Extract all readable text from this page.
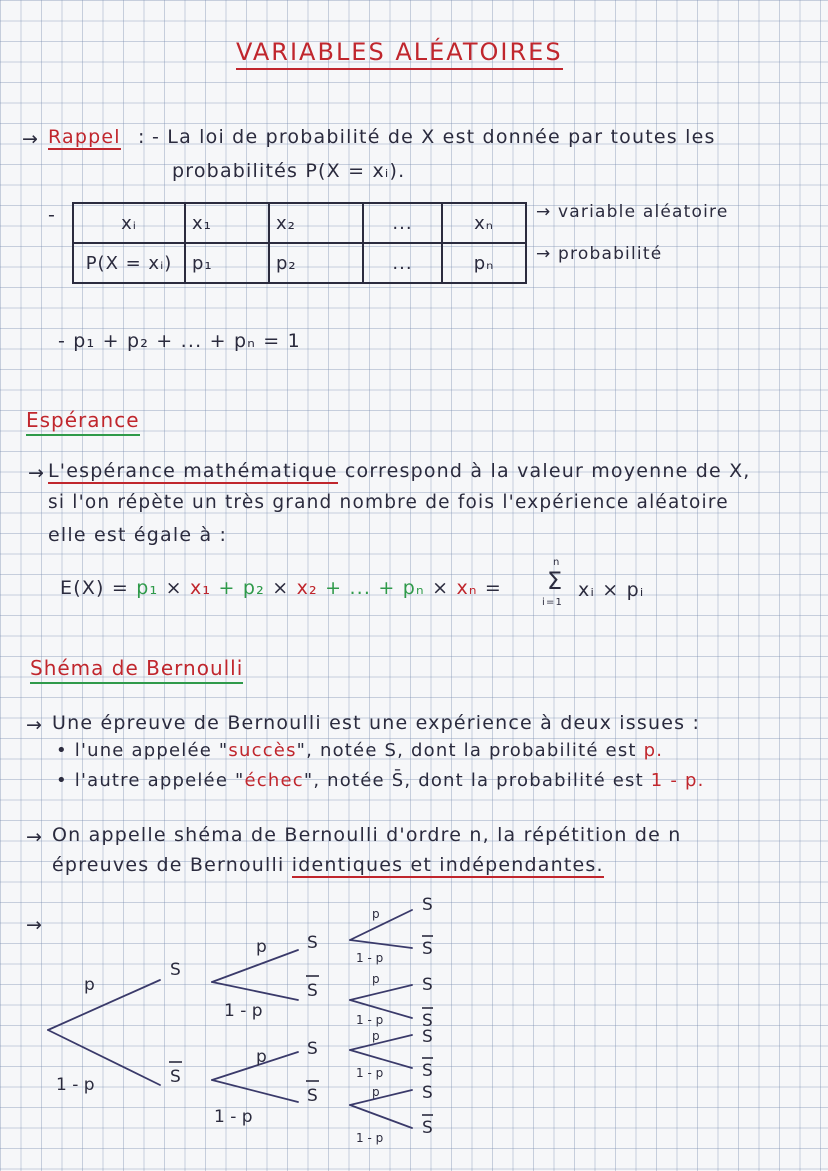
VARIABLES ALÉATOIRES
→ Rappel : - La loi de probabilité de X est donnée par toutes les
probabilités P(X = xᵢ).
-	xᵢ	x₁	x₂	...	xₙ
P(X = xᵢ)	p₁	p₂	...	pₙ
→ variable aléatoire
→ probabilité
- p₁ + p₂ + ... + pₙ = 1
Espérance
→ L'espérance mathématique correspond à la valeur moyenne de X,
si l'on répète un très grand nombre de fois l'expérience aléatoire
elle est égale à :
E(X) = p₁ × x₁ + p₂ × x₂ + ... + pₙ × xₙ = Σ
n
i=1
xᵢ × pᵢ
Shéma de Bernoulli
→ Une épreuve de Bernoulli est une expérience à deux issues :
• l'une appelée "succès", notée S, dont la probabilité est p.
• l'autre appelée "échec", notée S̄, dont la probabilité est 1 - p.
→ On appelle shéma de Bernoulli d'ordre n, la répétition de n
épreuves de Bernoulli identiques et indépendantes.
→
p
1 - p
S
S
p
1 - p
p
1 - p
S
S
S
S
p
1 - p
p
1 - p
p
1 - p
p
1 - p
S
S
S
S
S
S
S
S
